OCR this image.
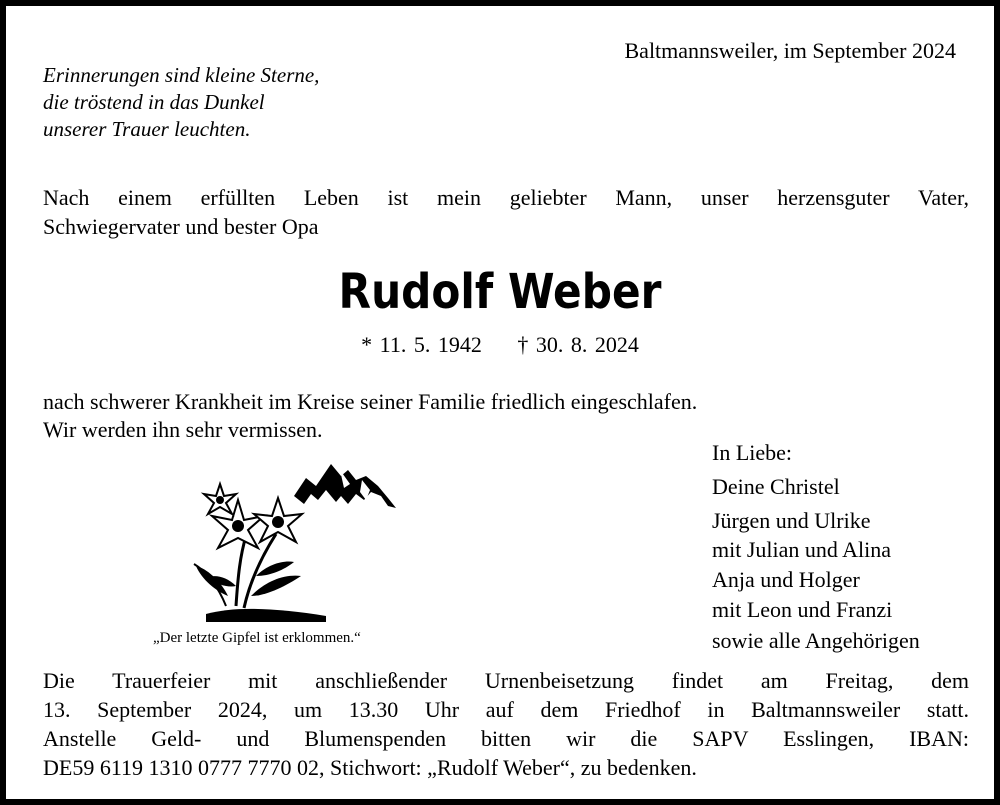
Baltmannsweiler, im September 2024
Erinnerungen sind kleine Sterne,
die tröstend in das Dunkel
unserer Trauer leuchten.
Nach einem erfüllten Leben ist mein geliebter Mann, unser herzensguter Vater,
Schwiegervater und bester Opa
Rudolf Weber
* 11. 5. 1942 † 30. 8. 2024
nach schwerer Krankheit im Kreise seiner Familie friedlich eingeschlafen.
Wir werden ihn sehr vermissen.
„Der letzte Gipfel ist erklommen.“
In Liebe:
Deine Christel
Jürgen und Ulrike
mit Julian und Alina
Anja und Holger
mit Leon und Franzi
sowie alle Angehörigen
Die Trauerfeier mit anschließender Urnenbeisetzung findet am Freitag, dem
13. September 2024, um 13.30 Uhr auf dem Friedhof in Baltmannsweiler statt.
Anstelle Geld- und Blumenspenden bitten wir die SAPV Esslingen, IBAN:
DE59 6119 1310 0777 7770 02, Stichwort: „Rudolf Weber“, zu bedenken.
